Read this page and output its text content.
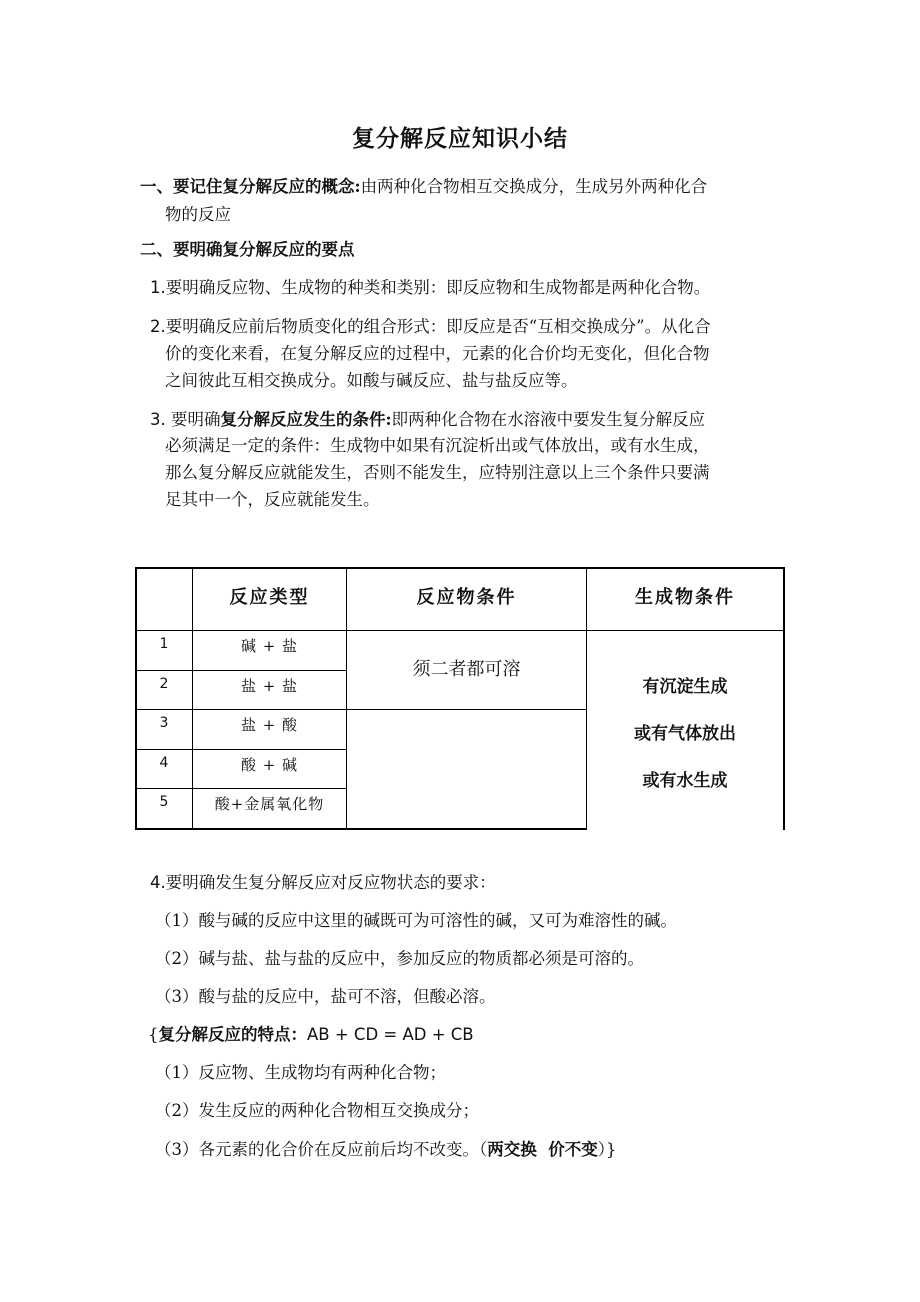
复分解反应知识小结
一、要记住复分解反应的概念:由两种化合物相互交换成分，生成另外两种化合
物的反应
二、要明确复分解反应的要点
1.要明确反应物、生成物的种类和类别：即反应物和生成物都是两种化合物。
2.要明确反应前后物质变化的组合形式：即反应是否“互相交换成分”。从化合
价的变化来看，在复分解反应的过程中，元素的化合价均无变化，但化合物
之间彼此互相交换成分。如酸与碱反应、盐与盐反应等。
3. 要明确复分解反应发生的条件:即两种化合物在水溶液中要发生复分解反应
必须满足一定的条件：生成物中如果有沉淀析出或气体放出，或有水生成，
那么复分解反应就能发生，否则不能发生，应特别注意以上三个条件只要满
足其中一个，反应就能发生。
反应类型	反应物条件	生成物条件
1
2
3
4
5
碱 + 盐
盐 + 盐
盐 + 酸
酸 + 碱
酸+金属氧化物
须二者都可溶
有沉淀生成
或有气体放出
或有水生成
4.要明确发生复分解反应对反应物状态的要求：
（1）酸与碱的反应中这里的碱既可为可溶性的碱，又可为难溶性的碱。
（2）碱与盐、盐与盐的反应中，参加反应的物质都必须是可溶的。
（3）酸与盐的反应中，盐可不溶，但酸必溶。
{复分解反应的特点：AB + CD = AD + CB
（1）反应物、生成物均有两种化合物；
（2）发生反应的两种化合物相互交换成分；
（3）各元素的化合价在反应前后均不改变。（两交换  价不变）}
